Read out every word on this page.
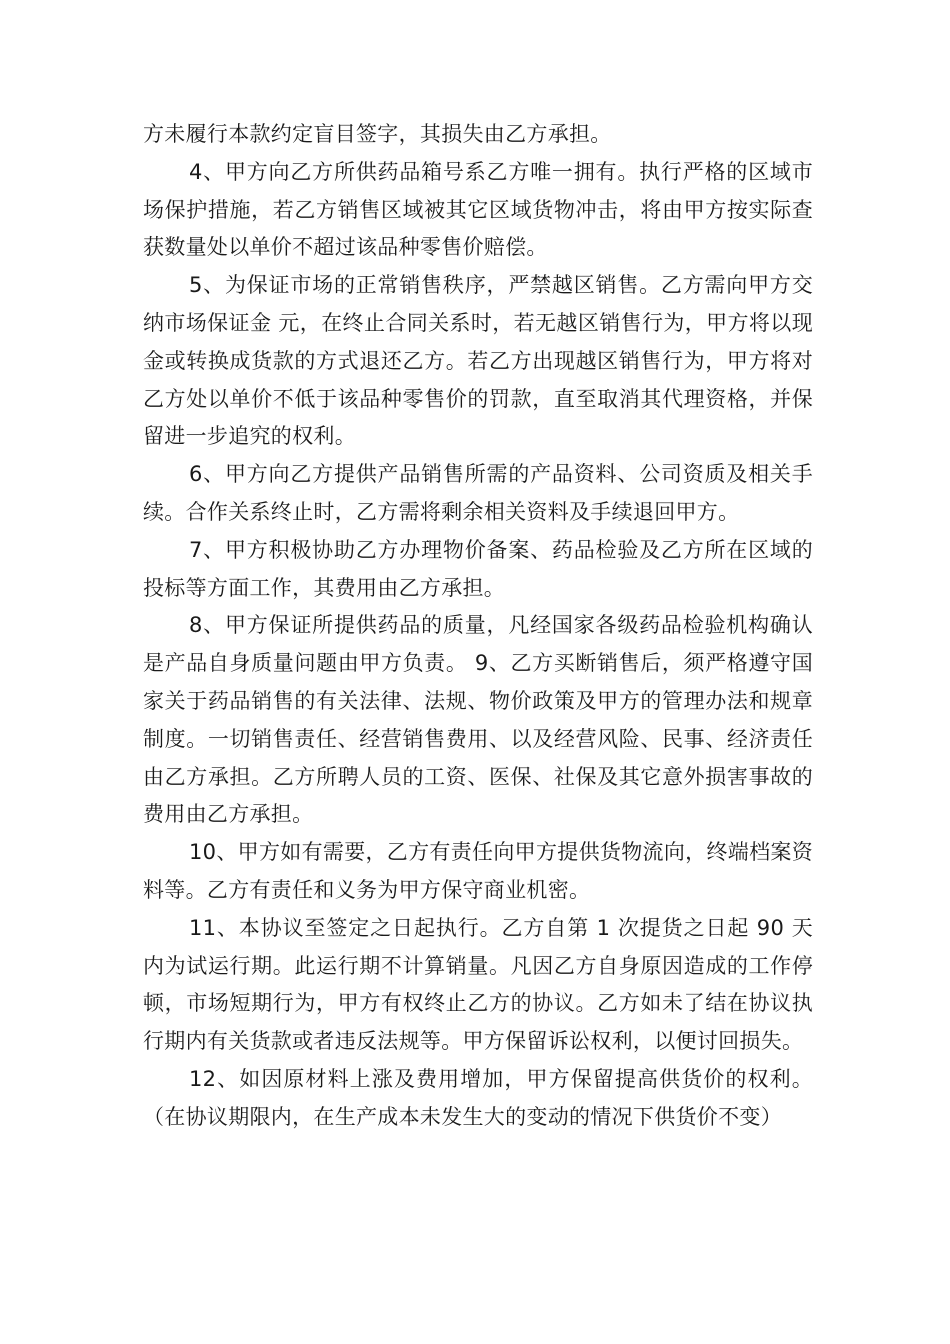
方未履行本款约定盲目签字，其损失由乙方承担。

4、甲方向乙方所供药品箱号系乙方唯一拥有。执行严格的区域市场保护措施，若乙方销售区域被其它区域货物冲击，将由甲方按实际查获数量处以单价不超过该品种零售价赔偿。

5、为保证市场的正常销售秩序，严禁越区销售。乙方需向甲方交纳市场保证金 元，在终止合同关系时，若无越区销售行为，甲方将以现金或转换成货款的方式退还乙方。若乙方出现越区销售行为，甲方将对乙方处以单价不低于该品种零售价的罚款，直至取消其代理资格，并保留进一步追究的权利。

6、甲方向乙方提供产品销售所需的产品资料、公司资质及相关手续。合作关系终止时，乙方需将剩余相关资料及手续退回甲方。

7、甲方积极协助乙方办理物价备案、药品检验及乙方所在区域的投标等方面工作，其费用由乙方承担。

8、甲方保证所提供药品的质量，凡经国家各级药品检验机构确认是产品自身质量问题由甲方负责。 9、乙方买断销售后，须严格遵守国家关于药品销售的有关法律、法规、物价政策及甲方的管理办法和规章制度。一切销售责任、经营销售费用、以及经营风险、民事、经济责任由乙方承担。乙方所聘人员的工资、医保、社保及其它意外损害事故的费用由乙方承担。

10、甲方如有需要，乙方有责任向甲方提供货物流向，终端档案资料等。乙方有责任和义务为甲方保守商业机密。

11、本协议至签定之日起执行。乙方自第 1 次提货之日起 90 天内为试运行期。此运行期不计算销量。凡因乙方自身原因造成的工作停顿，市场短期行为，甲方有权终止乙方的协议。乙方如未了结在协议执行期内有关货款或者违反法规等。甲方保留诉讼权利，以便讨回损失。

12、如因原材料上涨及费用增加，甲方保留提高供货价的权利。（在协议期限内，在生产成本未发生大的变动的情况下供货价不变）
